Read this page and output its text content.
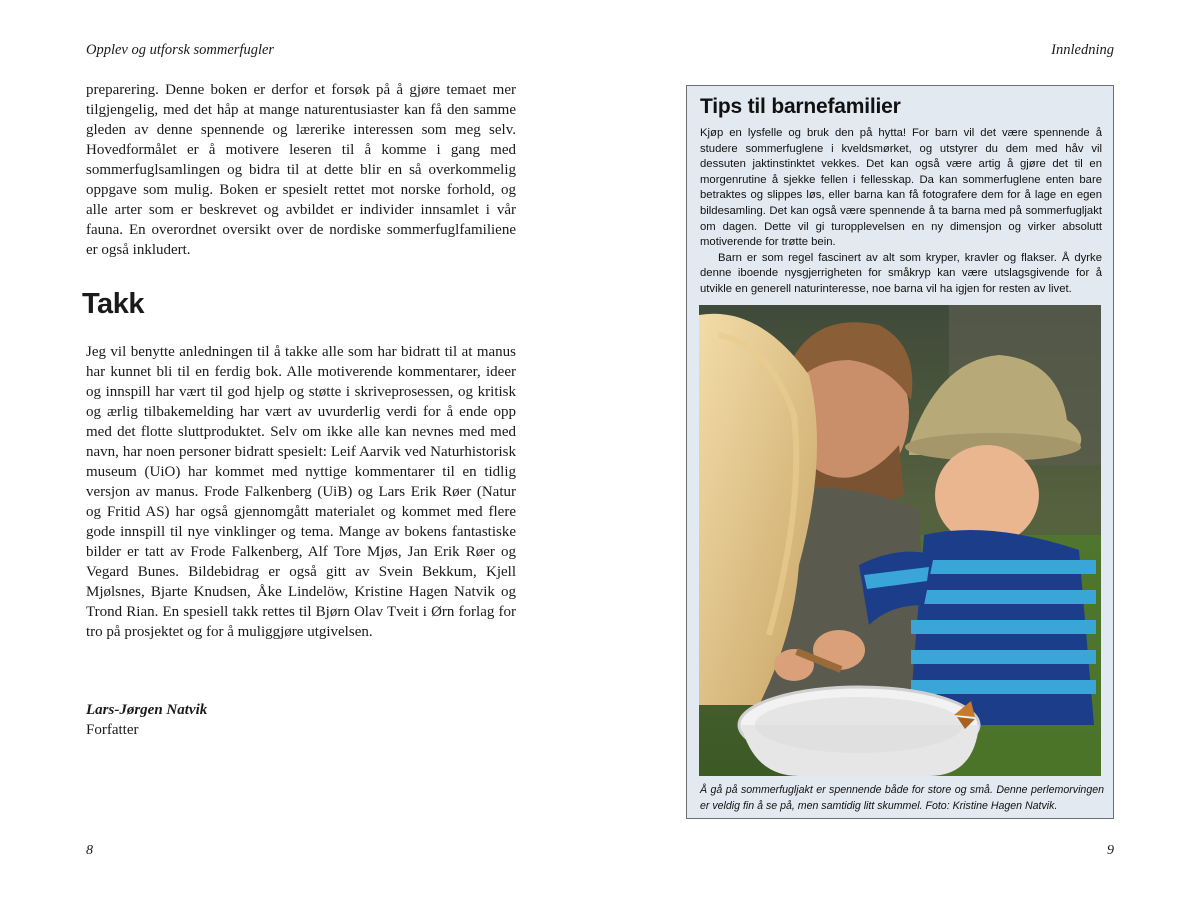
Opplev og utforsk sommerfugler	Innledning

preparering. Denne boken er derfor et forsøk på å gjøre temaet mer tilgjengelig, med det håp at mange naturentusiaster kan få den samme gleden av denne spennende og lærerike interessen som meg selv. Hovedformålet er å motivere leseren til å komme i gang med sommerfuglsamlingen og bidra til at dette blir en så overkommelig oppgave som mulig. Boken er spesielt rettet mot norske forhold, og alle arter som er beskrevet og avbildet er individer innsamlet i vår fauna. En overordnet oversikt over de nordiske sommerfuglfamiliene er også inkludert.

Takk

Jeg vil benytte anledningen til å takke alle som har bidratt til at manus har kunnet bli til en ferdig bok. Alle motiverende kommentarer, ideer og innspill har vært til god hjelp og støtte i skriveprosessen, og kritisk og ærlig tilbakemelding har vært av uvurderlig verdi for å ende opp med det flotte sluttproduktet. Selv om ikke alle kan nevnes med med navn, har noen personer bidratt spesielt: Leif Aarvik ved Naturhistorisk museum (UiO) har kommet med nyttige kommentarer til en tidlig versjon av manus. Frode Falkenberg (UiB) og Lars Erik Røer (Natur og Fritid AS) har også gjennomgått materialet og kommet med flere gode innspill til nye vinklinger og tema. Mange av bokens fantastiske bilder er tatt av Frode Falkenberg, Alf Tore Mjøs, Jan Erik Røer og Vegard Bunes. Bildebidrag er også gitt av Svein Bekkum, Kjell Mjølsnes, Bjarte Knudsen, Åke Lindelöw, Kristine Hagen Natvik og Trond Rian. En spesiell takk rettes til Bjørn Olav Tveit i Ørn forlag for tro på prosjektet og for å muliggjøre utgivelsen.

Lars-Jørgen Natvik
Forfatter
8	9
Tips til barnefamilier

Kjøp en lysfelle og bruk den på hytta! For barn vil det være spennende å studere sommerfuglene i kveldsmørket, og utstyrer du dem med håv vil dessuten jaktinstinktet vekkes. Det kan også være artig å gjøre det til en morgenrutine å sjekke fellen i fellesskap. Da kan sommerfuglene enten bare betraktes og slippes løs, eller barna kan få fotografere dem for å lage en egen bildesamling. Det kan også være spennende å ta barna med på sommerfugljakt om dagen. Dette vil gi turopplevelsen en ny dimensjon og virker absolutt motiverende for trøtte bein.

Barn er som regel fascinert av alt som kryper, kravler og flakser. Å dyrke denne iboende nysgjerrigheten for småkryp kan være utslagsgivende for å utvikle en generell naturinteresse, noe barna vil ha igjen for resten av livet.

Å gå på sommerfugljakt er spennende både for store og små. Denne perlemorvingen er veldig fin å se på, men samtidig litt skummel. Foto: Kristine Hagen Natvik.
